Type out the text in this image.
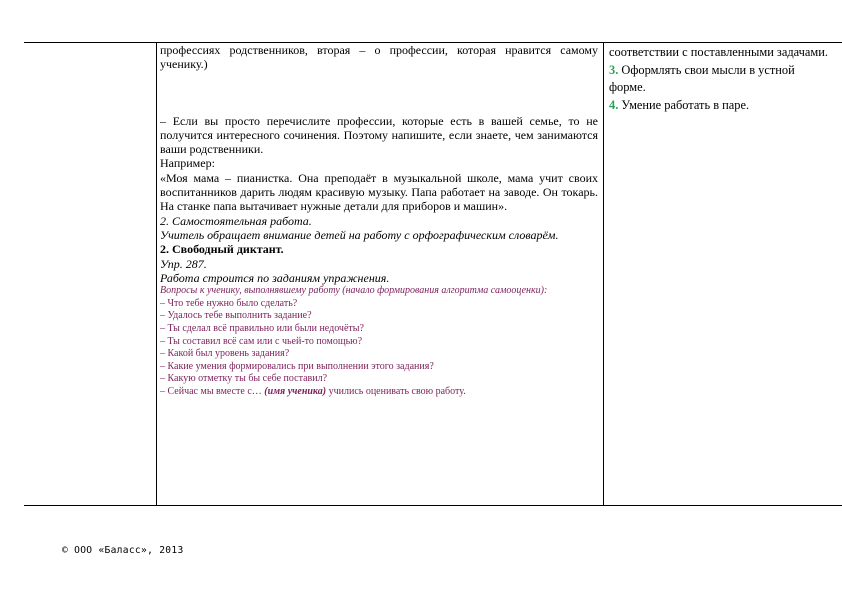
профессиях родственников, вторая – о профессии, которая нравится самому ученику.)

– Если вы просто перечислите профессии, которые есть в вашей семье, то не получится интересного сочинения. Поэтому напишите, если знаете, чем занимаются ваши родственники.

Например:

«Моя мама – пианистка. Она преподаёт в музыкальной школе, мама учит своих воспитанников дарить людям красивую музыку. Папа работает на заводе. Он токарь. На станке папа вытачивает нужные детали для приборов и машин».

2. Самостоятельная работа.

Учитель обращает внимание детей на работу с орфографическим словарём.

2. Свободный диктант.

Упр. 287.

Работа строится по заданиям упражнения.

Вопросы к ученику, выполнявшему работу (начало формирования алгоритма самооценки):

– Что тебе нужно было сделать?

– Удалось тебе выполнить задание?

– Ты сделал всё правильно или были недочёты?

– Ты составил всё сам или с чьей-то помощью?

– Какой был уровень задания?

– Какие умения формировались при выполнении этого задания?

– Какую отметку ты бы себе поставил?

– Сейчас мы вместе с… (имя ученика) учились оценивать свою работу.

соответствии с поставленными задачами.

3. Оформлять свои мысли в устной форме.

4. Умение работать в паре.

© ООО «Баласс», 2013
